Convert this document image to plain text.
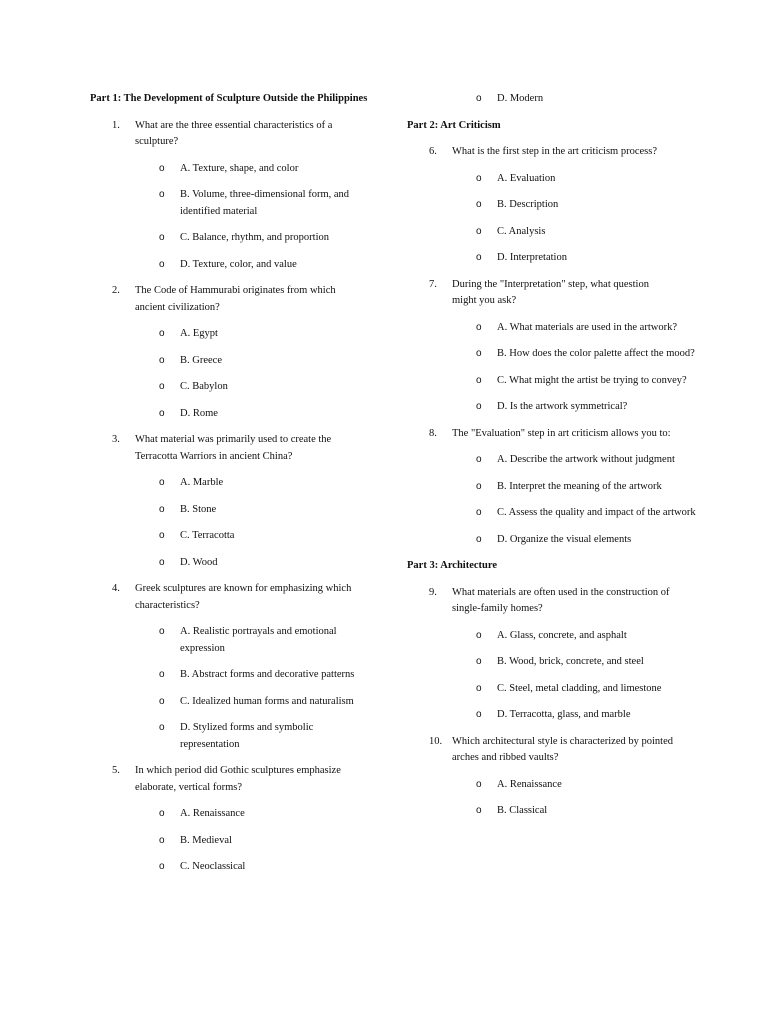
Part 1: The Development of Sculpture Outside the Philippines
1. What are the three essential characteristics of a sculpture?
o A. Texture, shape, and color
o B. Volume, three-dimensional form, and identified material
o C. Balance, rhythm, and proportion
o D. Texture, color, and value
2. The Code of Hammurabi originates from which ancient civilization?
o A. Egypt
o B. Greece
o C. Babylon
o D. Rome
3. What material was primarily used to create the Terracotta Warriors in ancient China?
o A. Marble
o B. Stone
o C. Terracotta
o D. Wood
4. Greek sculptures are known for emphasizing which characteristics?
o A. Realistic portrayals and emotional expression
o B. Abstract forms and decorative patterns
o C. Idealized human forms and naturalism
o D. Stylized forms and symbolic representation
5. In which period did Gothic sculptures emphasize elaborate, vertical forms?
o A. Renaissance
o B. Medieval
o C. Neoclassical
o D. Modern
Part 2: Art Criticism
6. What is the first step in the art criticism process?
o A. Evaluation
o B. Description
o C. Analysis
o D. Interpretation
7. During the "Interpretation" step, what question might you ask?
o A. What materials are used in the artwork?
o B. How does the color palette affect the mood?
o C. What might the artist be trying to convey?
o D. Is the artwork symmetrical?
8. The "Evaluation" step in art criticism allows you to:
o A. Describe the artwork without judgment
o B. Interpret the meaning of the artwork
o C. Assess the quality and impact of the artwork
o D. Organize the visual elements
Part 3: Architecture
9. What materials are often used in the construction of single-family homes?
o A. Glass, concrete, and asphalt
o B. Wood, brick, concrete, and steel
o C. Steel, metal cladding, and limestone
o D. Terracotta, glass, and marble
10. Which architectural style is characterized by pointed arches and ribbed vaults?
o A. Renaissance
o B. Classical
